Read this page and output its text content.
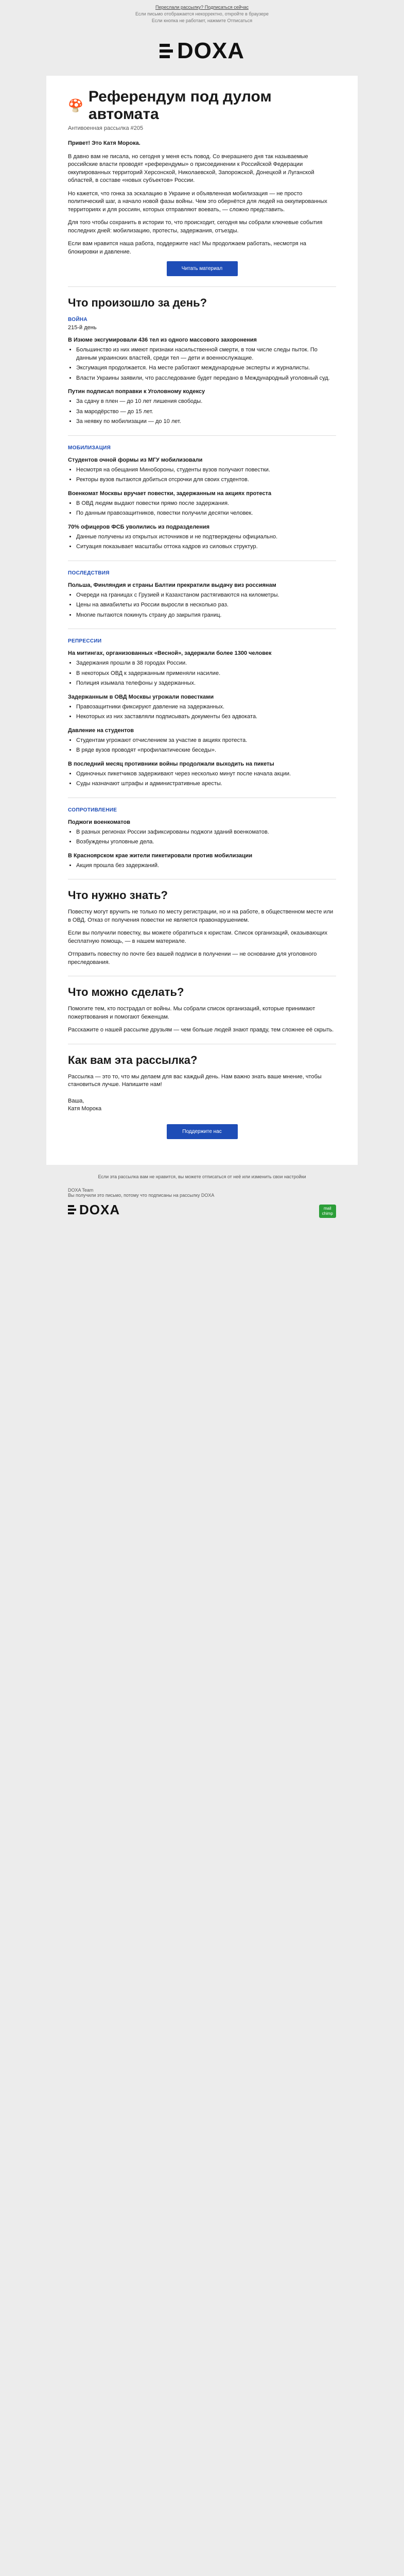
Переслали рассылку? Подписаться сейчас
Если письмо отображается некорректно, откройте в браузере
Если кнопка не работает, нажмите Отписаться
DOXA
🍄
Референдум под дулом автомата
Антивоенная рассылка #205

Привет! Это Катя Морока.

В давно вам не писала, но сегодня у меня есть повод. Со вчерашнего дня так называемые российские власти проводят «референдумы» о присоединении к Российской Федерации оккупированных территорий Херсонской, Николаевской, Запорожской, Донецкой и Луганской областей, в составе «новых субъектов» России.

Но кажется, что гонка за эскалацию в Украине и объявленная мобилизация — не просто политический шаг, а начало новой фазы войны. Чем это обернётся для людей на оккупированных территориях и для россиян, которых отправляют воевать, — сложно представить.

Для того чтобы сохранить в истории то, что происходит, сегодня мы собрали ключевые события последних дней: мобилизацию, протесты, задержания, отъезды.

Если вам нравится наша работа, поддержите нас! Мы продолжаем работать, несмотря на блокировки и давление.

Читать материал
Что произошло за день?
ВОЙНА
215-й день
В Изюме эксгумировали 436 тел из одного массового захоронения
• Большинство из них имеют признаки насильственной смерти, в том числе следы пыток. По данным украинских властей, среди тел — дети и военнослужащие.
• Эксгумация продолжается. На месте работают международные эксперты и журналисты.
• Власти Украины заявили, что расследование будет передано в Международный уголовный суд.
Путин подписал поправки к Уголовному кодексу
• За сдачу в плен — до 10 лет лишения свободы.
• За мародёрство — до 15 лет.
• За неявку по мобилизации — до 10 лет.
МОБИЛИЗАЦИЯ
Студентов очной формы из МГУ мобилизовали
• Несмотря на обещания Минобороны, студенты вузов получают повестки.
• Ректоры вузов пытаются добиться отсрочки для своих студентов.
Военкомат Москвы вручает повестки, задержанным на акциях протеста
• В ОВД людям выдают повестки прямо после задержания.
• По данным правозащитников, повестки получили десятки человек.
70% офицеров ФСБ уволились из подразделения
• Данные получены из открытых источников и не подтверждены официально.
• Ситуация показывает масштабы оттока кадров из силовых структур.
ПОСЛЕДСТВИЯ
Польша, Финляндия и страны Балтии прекратили выдачу виз россиянам
• Очереди на границах с Грузией и Казахстаном растягиваются на километры.
• Цены на авиабилеты из России выросли в несколько раз.
• Многие пытаются покинуть страну до закрытия границ.
РЕПРЕССИИ
На митингах, организованных «Весной», задержали более 1300 человек
• Задержания прошли в 38 городах России.
• В некоторых ОВД к задержанным применяли насилие.
• Полиция изымала телефоны у задержанных.
Задержанным в ОВД Москвы угрожали повестками
• Правозащитники фиксируют давление на задержанных.
• Некоторых из них заставляли подписывать документы без адвоката.
Давление на студентов
• Студентам угрожают отчислением за участие в акциях протеста.
• В ряде вузов проводят «профилактические беседы».
В последний месяц противники войны продолжали выходить на пикеты
• Одиночных пикетчиков задерживают через несколько минут после начала акции.
• Суды назначают штрафы и административные аресты.
СОПРОТИВЛЕНИЕ
Поджоги военкоматов
• В разных регионах России зафиксированы поджоги зданий военкоматов.
• Возбуждены уголовные дела.
В Красноярском крае жители пикетировали против мобилизации
• Акция прошла без задержаний.
Что нужно знать?

Повестку могут вручить не только по месту регистрации, но и на работе, в общественном месте или в ОВД. Отказ от получения повестки не является правонарушением.

Если вы получили повестку, вы можете обратиться к юристам. Список организаций, оказывающих бесплатную помощь, — в нашем материале.

Отправить повестку по почте без вашей подписи в получении — не основание для уголовного преследования.

Что можно сделать?

Помогите тем, кто пострадал от войны. Мы собрали список организаций, которые принимают пожертвования и помогают беженцам.

Расскажите о нашей рассылке друзьям — чем больше людей знают правду, тем сложнее её скрыть.

Как вам эта рассылка?

Рассылка — это то, что мы делаем для вас каждый день. Нам важно знать ваше мнение, чтобы становиться лучше. Напишите нам!

Ваша,
Катя Морока
Поддержите нас
Если эта рассылка вам не нравится, вы можете отписаться от неё или изменить свои настройки
DOXA Team
Вы получили это письмо, потому что подписаны на рассылку DOXA
DOXA	mail
chimp
